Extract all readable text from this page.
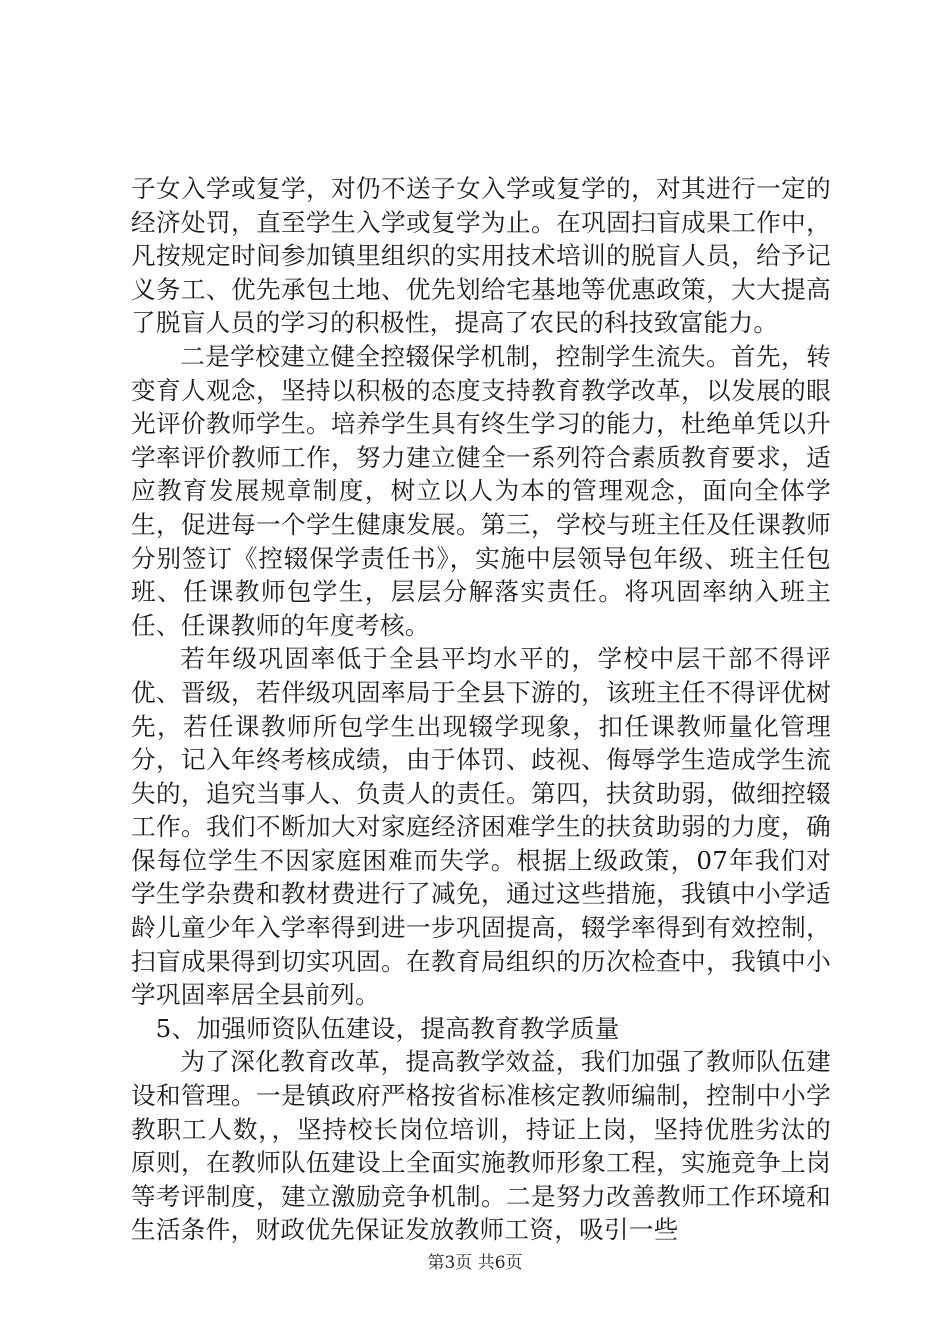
子女入学或复学，对仍不送子女入学或复学的，对其进行一定的经济处罚，直至学生入学或复学为止。在巩固扫盲成果工作中，凡按规定时间参加镇里组织的实用技术培训的脱盲人员，给予记义务工、优先承包土地、优先划给宅基地等优惠政策，大大提高了脱盲人员的学习的积极性，提高了农民的科技致富能力。

二是学校建立健全控辍保学机制，控制学生流失。首先，转变育人观念，坚持以积极的态度支持教育教学改革，以发展的眼光评价教师学生。培养学生具有终生学习的能力，杜绝单凭以升学率评价教师工作，努力建立健全一系列符合素质教育要求，适应教育发展规章制度，树立以人为本的管理观念，面向全体学生，促进每一个学生健康发展。第三，学校与班主任及任课教师分别签订《控辍保学责任书》，实施中层领导包年级、班主任包班、任课教师包学生，层层分解落实责任。将巩固率纳入班主任、任课教师的年度考核。

若年级巩固率低于全县平均水平的，学校中层干部不得评优、晋级，若伴级巩固率局于全县下游的，该班主任不得评优树先，若任课教师所包学生出现辍学现象，扣任课教师量化管理分，记入年终考核成绩，由于体罚、歧视、侮辱学生造成学生流失的，追究当事人、负责人的责任。第四，扶贫助弱，做细控辍工作。我们不断加大对家庭经济困难学生的扶贫助弱的力度，确保每位学生不因家庭困难而失学。根据上级政策，07年我们对学生学杂费和教材费进行了减免，通过这些措施，我镇中小学适龄儿童少年入学率得到进一步巩固提高，辍学率得到有效控制，扫盲成果得到切实巩固。在教育局组织的历次检查中，我镇中小学巩固率居全县前列。

5、加强师资队伍建设，提高教育教学质量

为了深化教育改革，提高教学效益，我们加强了教师队伍建设和管理。一是镇政府严格按省标准核定教师编制，控制中小学教职工人数，，坚持校长岗位培训，持证上岗，坚持优胜劣汰的原则，在教师队伍建设上全面实施教师形象工程，实施竞争上岗等考评制度，建立激励竞争机制。二是努力改善教师工作环境和生活条件，财政优先保证发放教师工资，吸引一些

第3页 共6页
